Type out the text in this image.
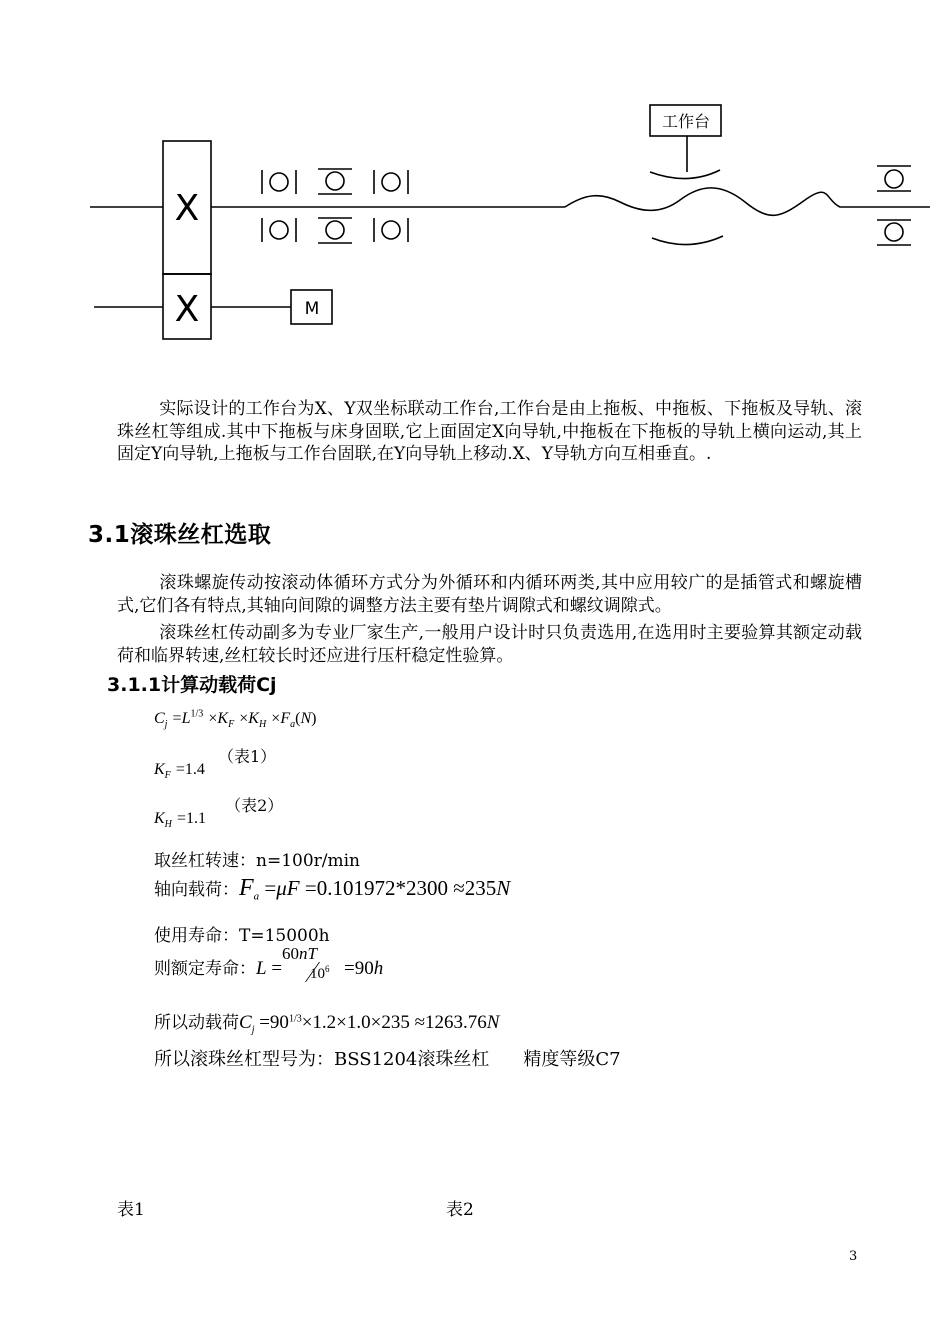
X
X	M
工作台

实际设计的工作台为X、Y双坐标联动工作台,工作台是由上拖板、中拖板、下拖板及导轨、滚珠丝杠等组成.其中下拖板与床身固联,它上面固定X向导轨,中拖板在下拖板的导轨上横向运动,其上固定Y向导轨,上拖板与工作台固联,在Y向导轨上移动.X、Y导轨方向互相垂直。.

3.1滚珠丝杠选取

滚珠螺旋传动按滚动体循环方式分为外循环和内循环两类,其中应用较广的是插管式和螺旋槽式,它们各有特点,其轴向间隙的调整方法主要有垫片调隙式和螺纹调隙式。

滚珠丝杠传动副多为专业厂家生产,一般用户设计时只负责选用,在选用时主要验算其额定动载荷和临界转速,丝杠较长时还应进行压杆稳定性验算。

3.1.1计算动载荷Cj
$C_j =L^{1/3} \times K_F \times K_H \times F_a(N)$
$K_F =1.4$ （表1）
$K_H =1.1$ （表2）
取丝杠转速：n=100r/min
轴向载荷：$F_a =\mu F =0.101972*2300 \approx 235N$
使用寿命：T=15000h
则额定寿命：L =
60nT
$10^6 =90h$
所以动载荷$C_j =90^{1/3}\times 1.2\times 1.0\times 235 \approx 1263.76N$
所以滚珠丝杠型号为：BSS1204滚珠丝杠 精度等级C7
表1	表2
3
